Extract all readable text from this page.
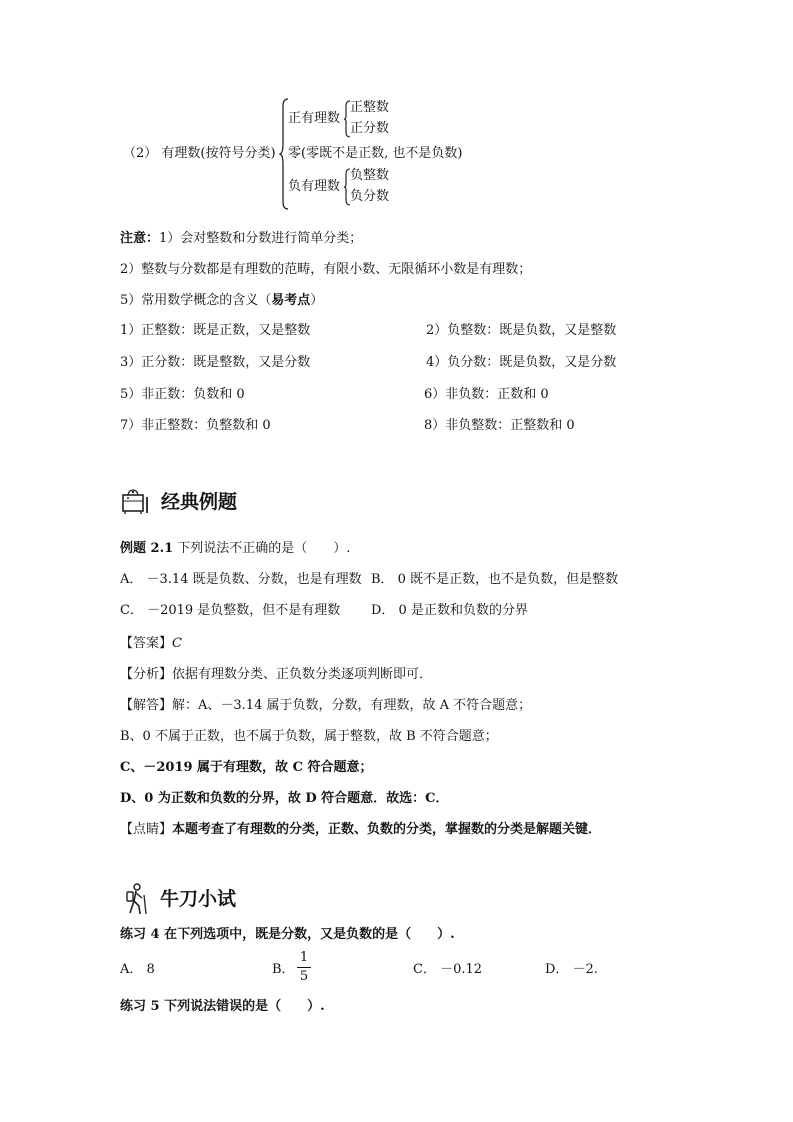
（2） 有理数(按符号分类)
正有理数
正整数
正分数
零(零既不是正数, 也不是负数)
负有理数
负整数
负分数
注意：1）会对整数和分数进行简单分类；
2）整数与分数都是有理数的范畴，有限小数、无限循环小数是有理数；
5）常用数学概念的含义（易考点）
1）正整数：既是正数，又是整数	2）负整数：既是负数，又是整数
3）正分数：既是整数，又是分数	4）负分数：既是负数，又是分数
5）非正数：负数和 0	6）非负数：正数和 0
7）非正整数：负整数和 0	8）非负整数：正整数和 0
经典例题
例题 2.1 下列说法不正确的是（　　）.
A． －3.14 既是负数、分数，也是有理数 B． 0 既不是正数，也不是负数，但是整数
C． －2019 是负整数，但不是有理数 D． 0 是正数和负数的分界
【答案】C
【分析】依据有理数分类、正负数分类逐项判断即可．
【解答】解：A、－3.14 属于负数，分数，有理数，故 A 不符合题意；
B、0 不属于正数，也不属于负数，属于整数，故 B 不符合题意；
C、－2019 属于有理数，故 C 符合题意；
D、0 为正数和负数的分界，故 D 符合题意．故选：C．
【点睛】本题考查了有理数的分类，正数、负数的分类，掌握数的分类是解题关键．
牛刀小试
练习 4 在下列选项中，既是分数，又是负数的是（　　）.
A． 8	B．
1
5	C． －0.12	D． －2.
练习 5 下列说法错误的是（　　）.
